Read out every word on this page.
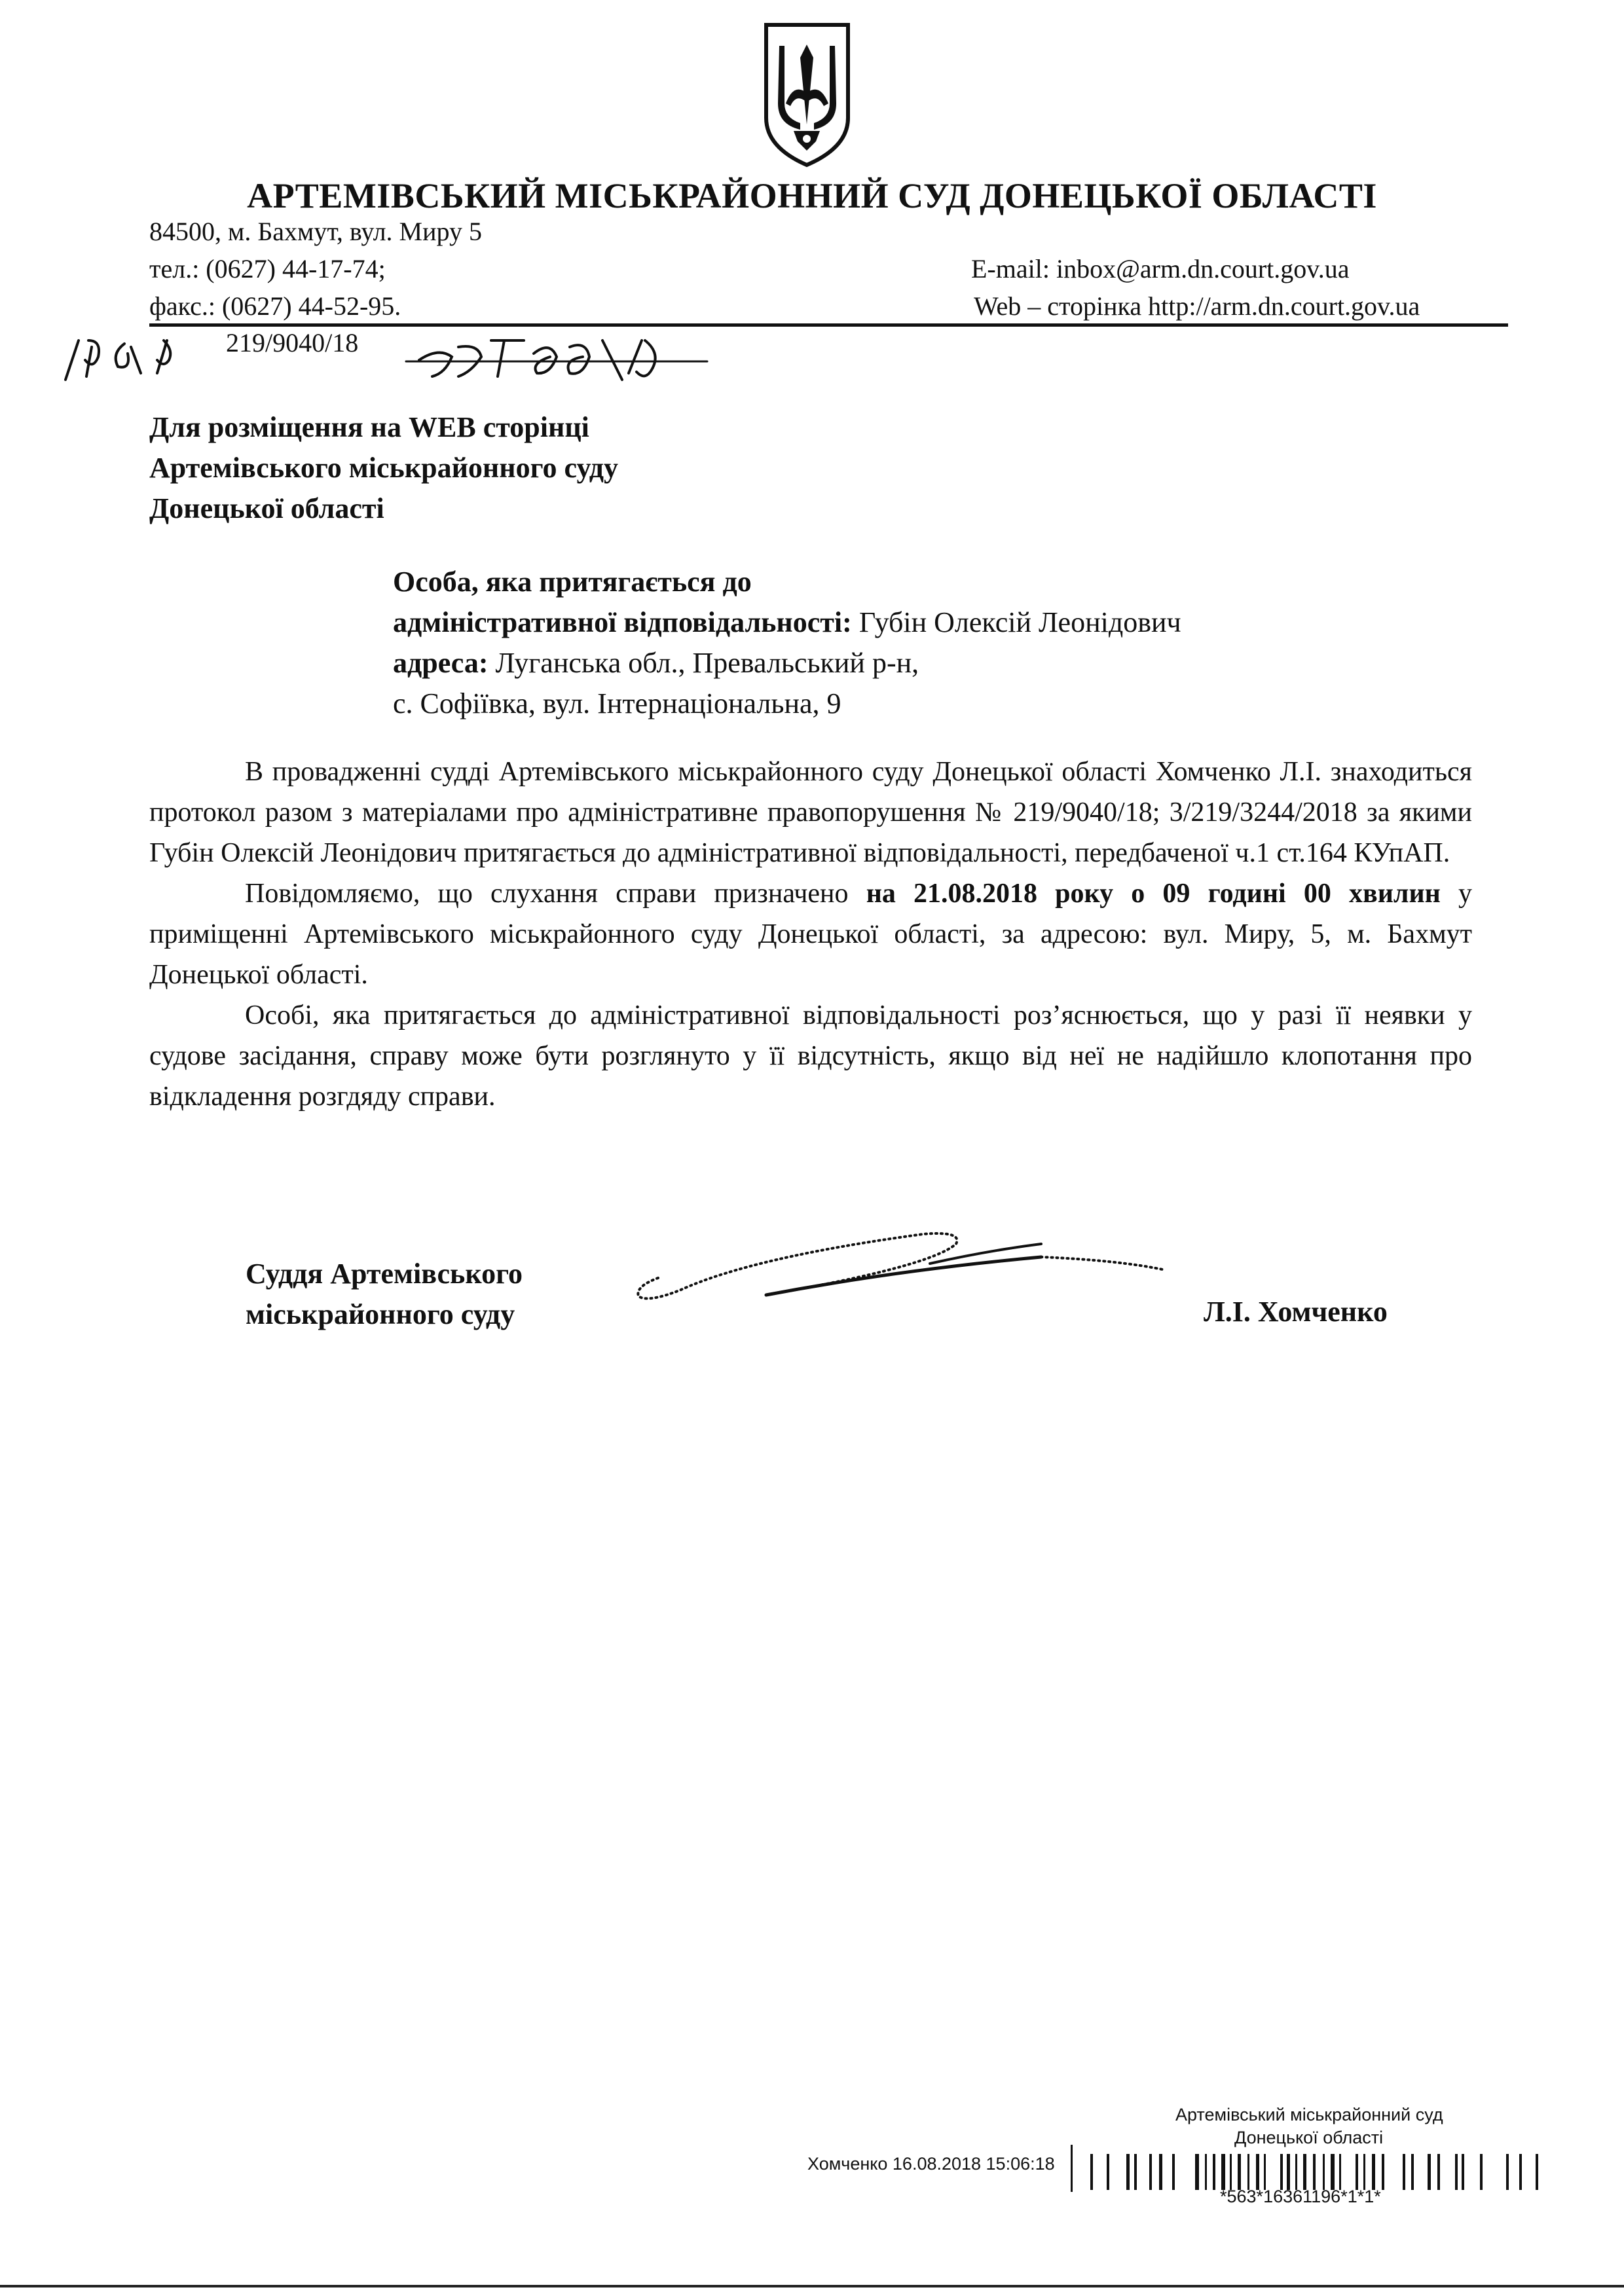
АРТЕМІВСЬКИЙ МІСЬКРАЙОННИЙ СУД ДОНЕЦЬКОЇ ОБЛАСТІ
84500, м. Бахмут, вул. Миру 5
тел.: (0627) 44-17-74;
факс.: (0627) 44-52-95.
E-mail: inbox@arm.dn.court.gov.ua
Web – сторінка http://arm.dn.court.gov.ua
219/9040/18
Для розміщення на WEB сторінці
Артемівського міськрайонного суду
Донецької області
Особа, яка притягається до
адміністративної відповідальності: Губін Олексій Леонідович
адреса: Луганська обл., Превальський р-н,
с. Софіївка, вул. Інтернаціональна, 9

В провадженні судді Артемівського міськрайонного суду Донецької області Хомченко Л.І. знаходиться протокол разом з матеріалами про адміністративне правопорушення № 219/9040/18; 3/219/3244/2018 за якими Губін Олексій Леонідович притягається до адміністративної відповідальності, передбаченої ч.1 ст.164 КУпАП.

Повідомляємо, що слухання справи призначено на 21.08.2018 року о 09 годині 00 хвилин у приміщенні Артемівського міськрайонного суду Донецької області, за адресою: вул. Миру, 5, м. Бахмут Донецької області.

Особі, яка притягається до адміністративної відповідальності роз’яснюється, що у разі її неявки у судове засідання, справу може бути розглянуто у її відсутність, якщо від неї не надійшло клопотання про відкладення розгдяду справи.

Суддя Артемівського
міськрайонного суду	Л.І. Хомченко
Артемівський міськрайонний суд
Донецької області
Хомченко 16.08.2018 15:06:18
*563*16361196*1*1*
